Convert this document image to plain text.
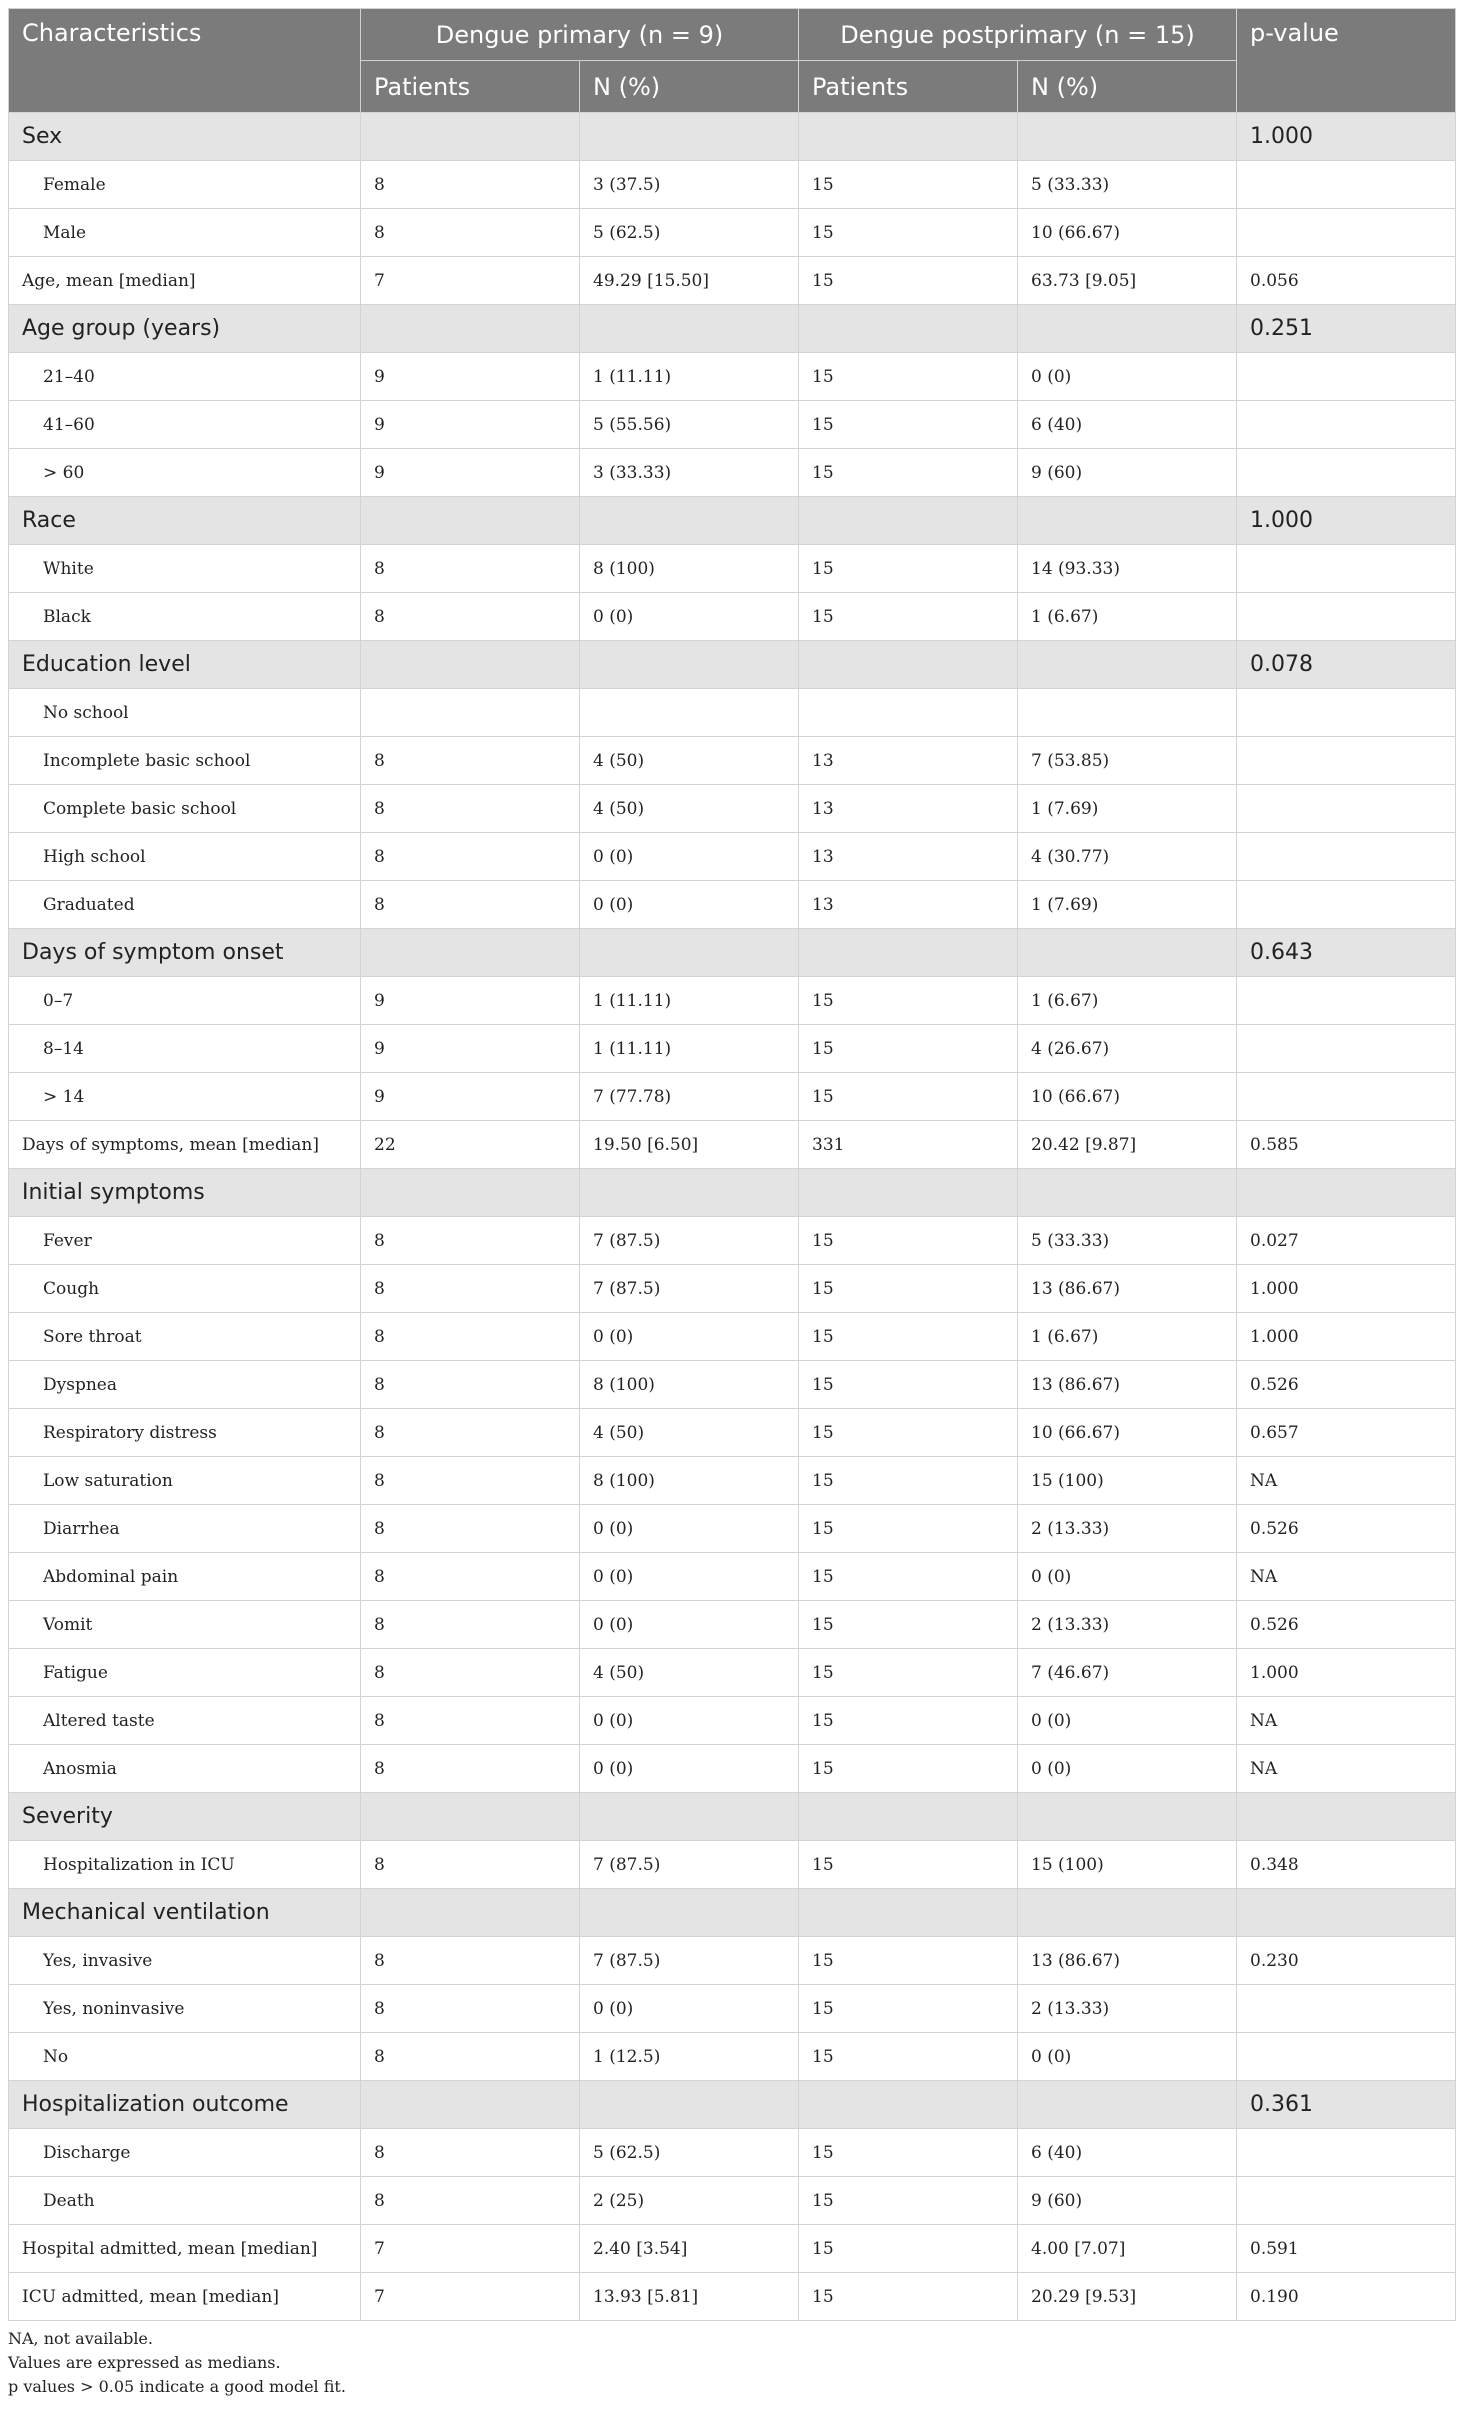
Characteristics	Dengue primary (n = 9)		Dengue postprimary (n = 15)		p-value
	Patients	N (%)	Patients	N (%)	
Sex					1.000
Female	8	3 (37.5)	15	5 (33.33)	
Male	8	5 (62.5)	15	10 (66.67)	
Age, mean [median]	7	49.29 [15.50]	15	63.73 [9.05]	0.056
Age group (years)					0.251
21–40	9	1 (11.11)	15	0 (0)	
41–60	9	5 (55.56)	15	6 (40)	
> 60	9	3 (33.33)	15	9 (60)	
Race					1.000
White	8	8 (100)	15	14 (93.33)	
Black	8	0 (0)	15	1 (6.67)	
Education level					0.078
No school					
Incomplete basic school	8	4 (50)	13	7 (53.85)	
Complete basic school	8	4 (50)	13	1 (7.69)	
High school	8	0 (0)	13	4 (30.77)	
Graduated	8	0 (0)	13	1 (7.69)	
Days of symptom onset					0.643
0–7	9	1 (11.11)	15	1 (6.67)	
8–14	9	1 (11.11)	15	4 (26.67)	
> 14	9	7 (77.78)	15	10 (66.67)	
Days of symptoms, mean [median]	22	19.50 [6.50]	331	20.42 [9.87]	0.585
Initial symptoms					
Fever	8	7 (87.5)	15	5 (33.33)	0.027
Cough	8	7 (87.5)	15	13 (86.67)	1.000
Sore throat	8	0 (0)	15	1 (6.67)	1.000
Dyspnea	8	8 (100)	15	13 (86.67)	0.526
Respiratory distress	8	4 (50)	15	10 (66.67)	0.657
Low saturation	8	8 (100)	15	15 (100)	NA
Diarrhea	8	0 (0)	15	2 (13.33)	0.526
Abdominal pain	8	0 (0)	15	0 (0)	NA
Vomit	8	0 (0)	15	2 (13.33)	0.526
Fatigue	8	4 (50)	15	7 (46.67)	1.000
Altered taste	8	0 (0)	15	0 (0)	NA
Anosmia	8	0 (0)	15	0 (0)	NA
Severity					
Hospitalization in ICU	8	7 (87.5)	15	15 (100)	0.348
Mechanical ventilation					
Yes, invasive	8	7 (87.5)	15	13 (86.67)	0.230
Yes, noninvasive	8	0 (0)	15	2 (13.33)	
No	8	1 (12.5)	15	0 (0)	
Hospitalization outcome					0.361
Discharge	8	5 (62.5)	15	6 (40)	
Death	8	2 (25)	15	9 (60)	
Hospital admitted, mean [median]	7	2.40 [3.54]	15	4.00 [7.07]	0.591
ICU admitted, mean [median]	7	13.93 [5.81]	15	20.29 [9.53]	0.190
NA, not available.
Values are expressed as medians.
p values > 0.05 indicate a good model fit.
